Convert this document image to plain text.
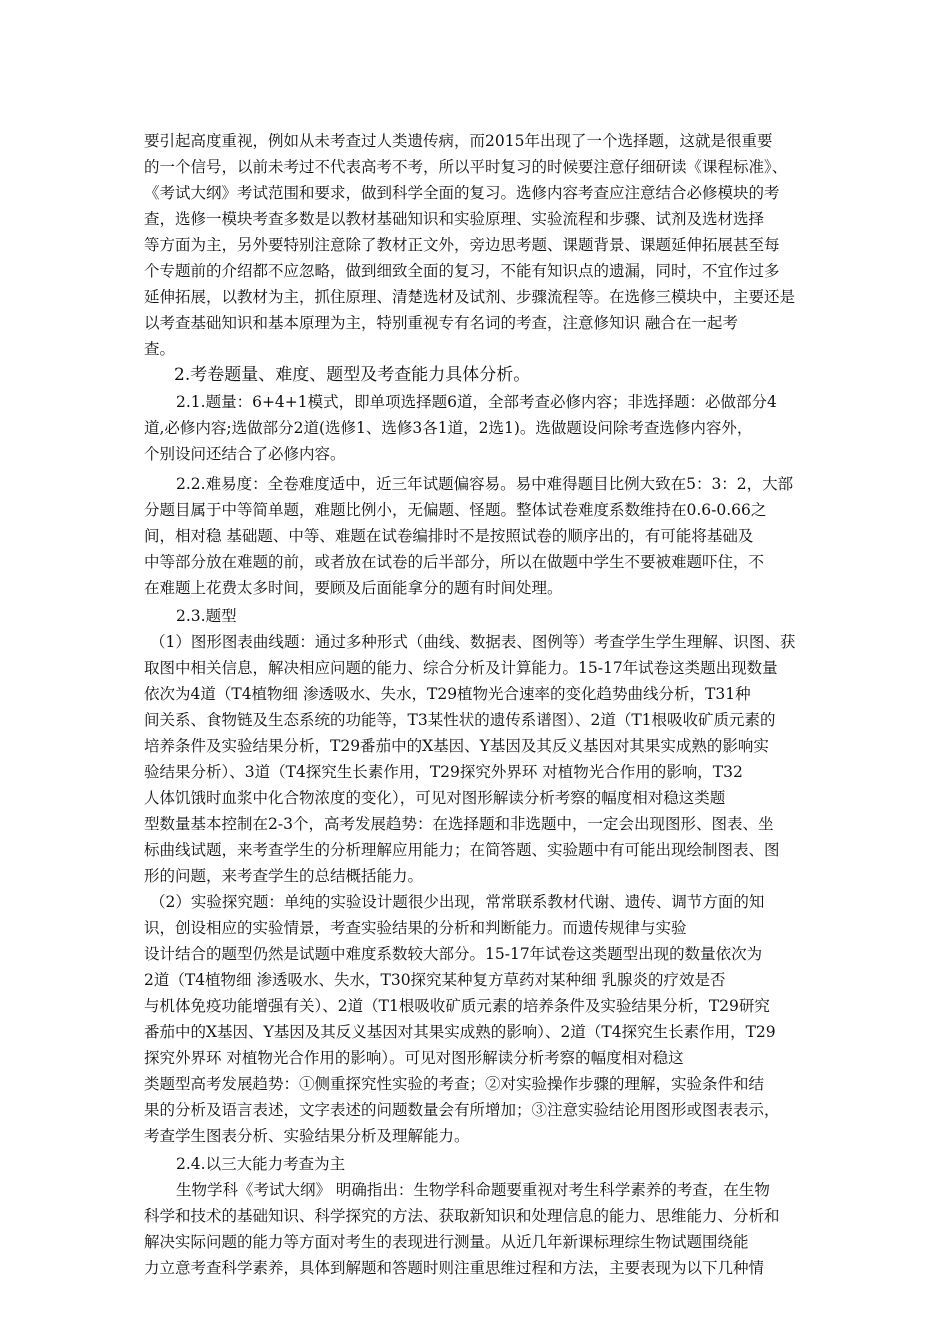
要引起高度重视，例如从未考查过人类遗传病，而2015年出现了一个选择题，这就是很重要
的一个信号，以前未考过不代表高考不考，所以平时复习的时候要注意仔细研读《课程标准》、
《考试大纲》考试范围和要求，做到科学全面的复习。选修内容考查应注意结合必修模块的考
查，选修一模块考查多数是以教材基础知识和实验原理、实验流程和步骤、试剂及选材选择
等方面为主，另外要特别注意除了教材正文外，旁边思考题、课题背景、课题延伸拓展甚至每
个专题前的介绍都不应忽略，做到细致全面的复习，不能有知识点的遗漏，同时，不宜作过多
延伸拓展，以教材为主，抓住原理、清楚选材及试剂、步骤流程等。在选修三模块中，主要还是
以考查基础知识和基本原理为主，特别重视专有名词的考查，注意修知识 融合在一起考
查。
2.考卷题量、难度、题型及考查能力具体分析。
2.1.题量：6+4+1模式，即单项选择题6道，全部考查必修内容；非选择题：必做部分4
道,必修内容;选做部分2道(选修1、选修3各1道，2选1)。选做题设问除考查选修内容外，
个别设问还结合了必修内容。
2.2.难易度：全卷难度适中，近三年试题偏容易。易中难得题目比例大致在5：3：2，大部
分题目属于中等简单题，难题比例小，无偏题、怪题。整体试卷难度系数维持在0.6-0.66之
间，相对稳 基础题、中等、难题在试卷编排时不是按照试卷的顺序出的，有可能将基础及
中等部分放在难题的前，或者放在试卷的后半部分，所以在做题中学生不要被难题吓住，不
在难题上花费太多时间，要顾及后面能拿分的题有时间处理。
2.3.题型
（1）图形图表曲线题：通过多种形式（曲线、数据表、图例等）考查学生学生理解、识图、获
取图中相关信息，解决相应问题的能力、综合分析及计算能力。15-17年试卷这类题出现数量
依次为4道（T4植物细 渗透吸水、失水，T29植物光合速率的变化趋势曲线分析，T31种
间关系、食物链及生态系统的功能等，T3某性状的遗传系谱图）、2道（T1根吸收矿质元素的
培养条件及实验结果分析，T29番茄中的X基因、Y基因及其反义基因对其果实成熟的影响实
验结果分析）、3道（T4探究生长素作用，T29探究外界环 对植物光合作用的影响，T32
人体饥饿时血浆中化合物浓度的变化），可见对图形解读分析考察的幅度相对稳这类题
型数量基本控制在2-3个，高考发展趋势：在选择题和非选题中，一定会出现图形、图表、坐
标曲线试题，来考查学生的分析理解应用能力；在简答题、实验题中有可能出现绘制图表、图
形的问题，来考查学生的总结概括能力。
（2）实验探究题：单纯的实验设计题很少出现，常常联系教材代谢、遗传、调节方面的知
识，创设相应的实验情景，考查实验结果的分析和判断能力。而遗传规律与实验
设计结合的题型仍然是试题中难度系数较大部分。15-17年试卷这类题型出现的数量依次为
2道（T4植物细 渗透吸水、失水，T30探究某种复方草药对某种细 乳腺炎的疗效是否
与机体免疫功能增强有关）、2道（T1根吸收矿质元素的培养条件及实验结果分析，T29研究
番茄中的X基因、Y基因及其反义基因对其果实成熟的影响）、2道（T4探究生长素作用，T29
探究外界环 对植物光合作用的影响）。可见对图形解读分析考察的幅度相对稳这
类题型高考发展趋势：①侧重探究性实验的考查；②对实验操作步骤的理解，实验条件和结
果的分析及语言表述，文字表述的问题数量会有所增加；③注意实验结论用图形或图表表示，
考查学生图表分析、实验结果分析及理解能力。
2.4.以三大能力考查为主
生物学科《考试大纲》 明确指出：生物学科命题要重视对考生科学素养的考查，在生物
科学和技术的基础知识、科学探究的方法、获取新知识和处理信息的能力、思维能力、分析和
解决实际问题的能力等方面对考生的表现进行测量。从近几年新课标理综生物试题围绕能
力立意考查科学素养，具体到解题和答题时则注重思维过程和方法，主要表现为以下几种情
